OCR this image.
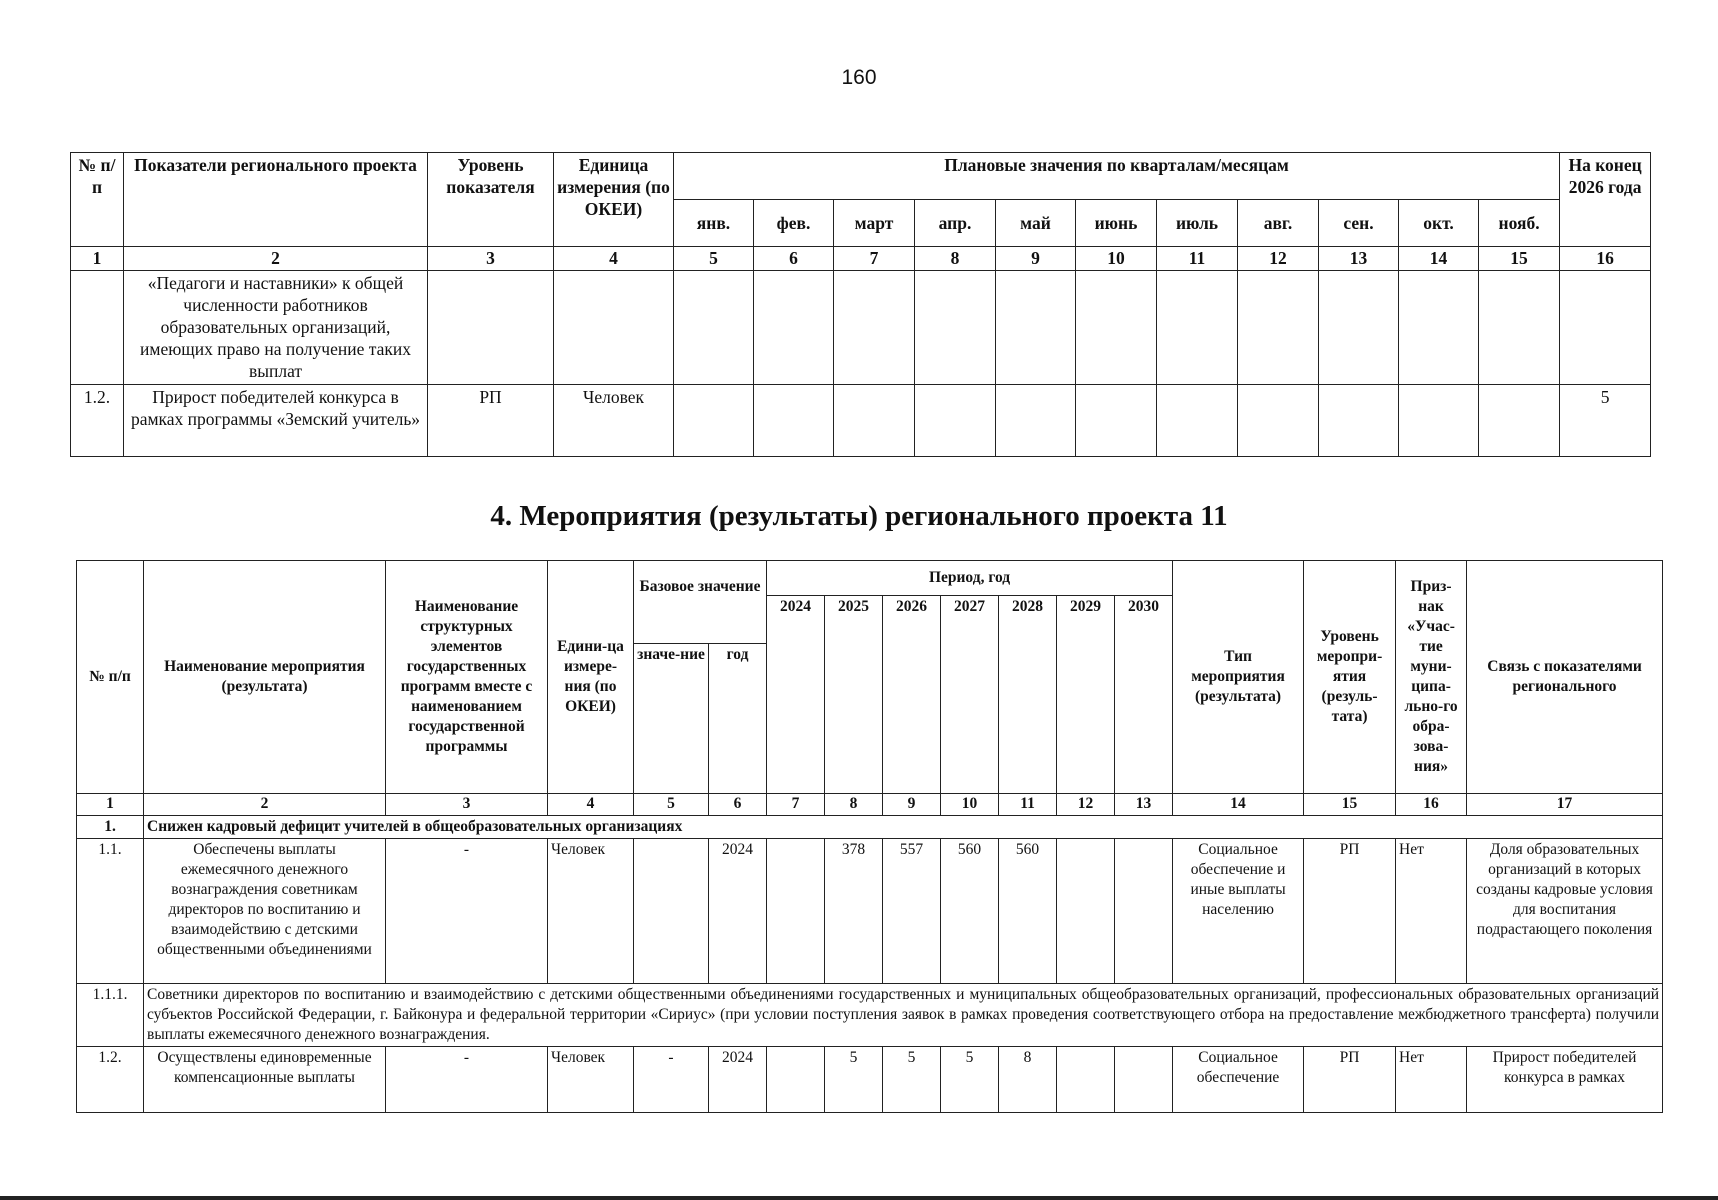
160
№ п/п	Показатели регионального проекта	Уровень показателя	Единица измерения (по ОКЕИ)	Плановые значения по кварталам/месяцам											На конец 2026 года
				янв.	фев.	март	апр.	май	июнь	июль	авг.	сен.	окт.	нояб.	
1	2	3	4	5	6	7	8	9	10	11	12	13	14	15	16
	«Педагоги и наставники» к общей численности работников образовательных организаций, имеющих право на получение таких выплат														
1.2.	Прирост победителей конкурса в рамках программы «Земский учитель»	РП	Человек												5
4. Мероприятия (результаты) регионального проекта 11
№ п/п	Наименование мероприятия (результата)	Наименование структурных элементов государственных программ вместе с наименованием государственной программы	Едини-ца измере-ния (по ОКЕИ)	Базовое значение		Период, год							Тип мероприятия (результата)	Уровень меропри-ятия (резуль-тата)	Приз-нак «Учас-тие муни-ципа-льно-го обра-зова-ния»	Связь с показателями регионального
						2024	2025	2026	2027	2028	2029	2030				
				значе-ние	год											
1	2	3	4	5	6	7	8	9	10	11	12	13	14	15	16	17
1.	Снижен кадровый дефицит учителей в общеобразовательных организациях															
1.1.	Обеспечены выплаты ежемесячного денежного вознаграждения советникам директоров по воспитанию и взаимодействию с детскими общественными объединениями	-	Человек		2024		378	557	560	560			Социальное обеспечение и иные выплаты населению	РП	Нет	Доля образовательных организаций в которых созданы кадровые условия для воспитания подрастающего поколения
1.1.1.	Советники директоров по воспитанию и взаимодействию с детскими общественными объединениями государственных и муниципальных общеобразовательных организаций, профессиональных образовательных организаций субъектов Российской Федерации, г. Байконура и федеральной территории «Сириус» (при условии поступления заявок в рамках проведения соответствующего отбора на предоставление межбюджетного трансферта) получили выплаты ежемесячного денежного вознаграждения.															
1.2.	Осуществлены единовременные компенсационные выплаты	-	Человек	-	2024		5	5	5	8			Социальное обеспечение	РП	Нет	Прирост победителей конкурса в рамках
